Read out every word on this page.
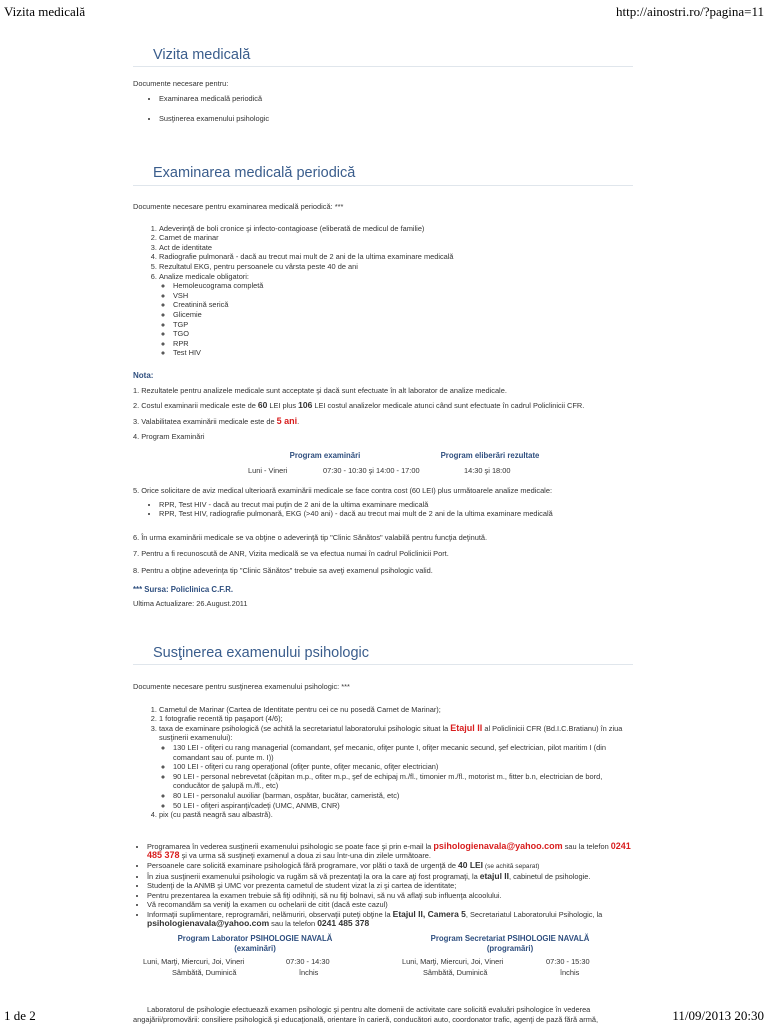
Vizita medicală	http://ainostri.ro/?pagina=11
1 de 2	11/09/2013 20:30
Vizita medicală

Documente necesare pentru:

• Examinarea medicală periodică
• Susţinerea examenului psihologic
Examinarea medicală periodică

Documente necesare pentru examinarea medicală periodică: ***

1. Adeverinţă de boli cronice şi infecto-contagioase (eliberată de medicul de familie)
2. Carnet de marinar
3. Act de identitate
4. Radiografie pulmonară - dacă au trecut mai mult de 2 ani de la ultima examinare medicală
5. Rezultatul EKG, pentru persoanele cu vârsta peste 40 de ani
6. Analize medicale obligatori:
◦ Hemoleucograma completă
◦ VSH
◦ Creatinină serică
◦ Glicemie
◦ TGP
◦ TGO
◦ RPR
◦ Test HIV

Nota:

1. Rezultatele pentru analizele medicale sunt acceptate şi dacă sunt efectuate în alt laborator de analize medicale.

2. Costul examinarii medicale este de 60 LEI plus 106 LEI costul analizelor medicale atunci când sunt efectuate în cadrul Policlinicii CFR.

3. Valabilitatea examinării medicale este de 5 ani.

4. Program Examinări

Program examinări	Program eliberări rezultate
Luni - Vineri	07:30 - 10:30 şi 14:00 - 17:00	14:30 şi 18:00

5. Orice solicitare de aviz medical ulterioară examinării medicale se face contra cost (60 LEI) plus următoarele analize medicale:

• RPR, Test HIV - dacă au trecut mai puţin de 2 ani de la ultima examinare medicală
• RPR, Test HIV, radiografie pulmonară, EKG (>40 ani) - dacă au trecut mai mult de 2 ani de la ultima examinare medicală

6. În urma examinării medicale se va obţine o adeverinţă tip "Clinic Sănătos" valabilă pentru funcţia deţinută.

7. Pentru a fi recunoscută de ANR, Vizita medicală se va efectua numai în cadrul Policlinicii Port.

8. Pentru a obţine adeverinţa tip "Clinic Sănătos" trebuie sa aveţi examenul psihologic valid.

*** Sursa: Policlinica C.F.R.

Ultima Actualizare: 26.August.2011

Susţinerea examenului psihologic

Documente necesare pentru susţinerea examenului psihologic: ***

1. Carnetul de Marinar (Cartea de Identitate pentru cei ce nu posedă Carnet de Marinar);
2. 1 fotografie recentă tip paşaport (4/6);
3. taxa de examinare psihologică (se achită la secretariatul laboratorului psihologic situat la Etajul II al Policlinicii CFR (Bd.I.C.Bratianu) în ziua susţinerii examenului):
◦ 130 LEI - ofiţeri cu rang managerial (comandant, şef mecanic, ofiţer punte I, ofiţer mecanic secund, şef electrician, pilot maritim I (din comandant sau of. punte m. I))
◦ 100 LEI - ofiţeri cu rang operaţional (ofiţer punte, ofiţer mecanic, ofiţer electrician)
◦ 90 LEI - personal nebrevetat (căpitan m.p., ofiter m.p., şef de echipaj m./fl., timonier m./fl., motorist m., fitter b.n, electrician de bord, conducător de şalupă m./fl., etc)
◦ 80 LEI - personalul auxiliar (barman, ospătar, bucătar, cameristă, etc)
◦ 50 LEI - ofiţeri aspiranţi/cadeţi (UMC, ANMB, CNR)
4. pix (cu pastă neagră sau albastră).
• Programarea în vederea susţinerii examenului psihologic se poate face şi prin e-mail la psihologienavala@yahoo.com sau la telefon 0241 485 378 şi va urma să susţineţi examenul a doua zi sau într-una din zilele următoare.
• Persoanele care solicită examinare psihologică fără programare, vor plăti o taxă de urgenţă de 40 LEI (se achită separat)
• În ziua susţinerii examenului psihologic va rugăm să vă prezentaţi la ora la care aţi fost programaţi, la etajul II, cabinetul de psihologie.
• Studenţi de la ANMB şi UMC vor prezenta carnetul de student vizat la zi şi cartea de identitate;
• Pentru prezentarea la examen trebuie să fiţi odihniţi, să nu fiţi bolnavi, să nu vă aflaţi sub influenţa alcoolului.
• Vă recomandăm sa veniţi la examen cu ochelarii de citit (dacă este cazul)
• Informaţii suplimentare, reprogramări, nelămuriri, observaţii puteţi obţine la Etajul II, Camera 5, Secretariatul Laboratorului Psihologic, la psihologienavala@yahoo.com sau la telefon 0241 485 378
Program Laborator PSIHOLOGIE NAVALĂ
(examinări)
Program Secretariat PSIHOLOGIE NAVALĂ
(programări)
Luni, Marţi, Miercuri, Joi, Vineri	07:30 - 14:30
Sâmbătă, Duminică	închis
Luni, Marţi, Miercuri, Joi, Vineri	07:30 - 15:30
Sâmbătă, Duminică	închis
Laboratorul de psihologie efectuează examen psihologic şi pentru alte domenii de activitate care solicită evaluări psihologice în vederea angajării/promovării: consiliere psihologică şi educaţională, orientare în carieră, conducători auto, coordonator trafic, agenţi de pază fără armă,
